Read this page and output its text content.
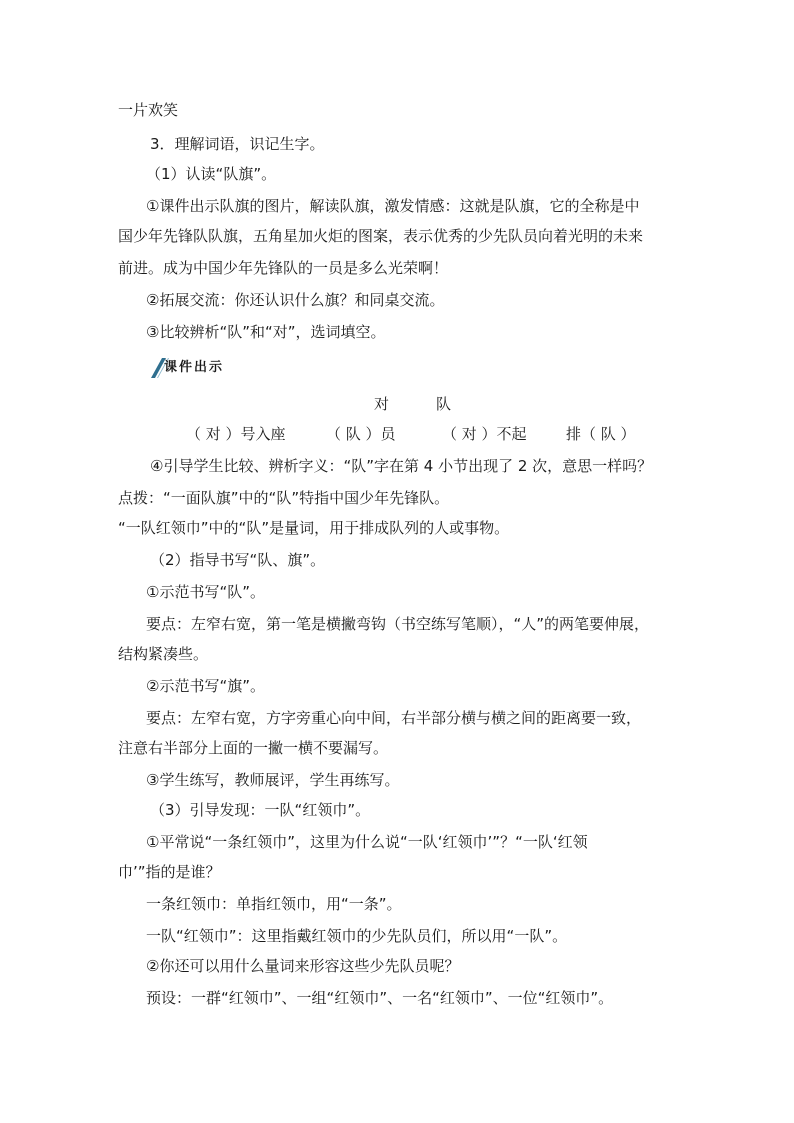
一片欢笑
3．理解词语，识记生字。
（1）认读“队旗”。
①课件出示队旗的图片，解读队旗，激发情感：这就是队旗，它的全称是中
国少年先锋队队旗，五角星加火炬的图案，表示优秀的少先队员向着光明的未来
前进。成为中国少年先锋队的一员是多么光荣啊！
②拓展交流：你还认识什么旗？和同桌交流。
③比较辨析“队”和“对”，选词填空。
课件出示
对	队
（ 对 ）号入座	（ 队 ）员	（ 对 ）不起	排（ 队 ）
④引导学生比较、辨析字义：“队”字在第 4 小节出现了 2 次，意思一样吗？
点拨：“一面队旗”中的“队”特指中国少年先锋队。
“一队红领巾”中的“队”是量词，用于排成队列的人或事物。
（2）指导书写“队、旗”。
①示范书写“队”。
要点：左窄右宽，第一笔是横撇弯钩（书空练写笔顺），“人”的两笔要伸展，
结构紧凑些。
②示范书写“旗”。
要点：左窄右宽，方字旁重心向中间，右半部分横与横之间的距离要一致，
注意右半部分上面的一撇一横不要漏写。
③学生练写，教师展评，学生再练写。
（3）引导发现：一队“红领巾”。
①平常说“一条红领巾”，这里为什么说“一队‘红领巾’”？“一队‘红领
巾’”指的是谁？
一条红领巾：单指红领巾，用“一条”。
一队“红领巾”：这里指戴红领巾的少先队员们，所以用“一队”。
②你还可以用什么量词来形容这些少先队员呢？
预设：一群“红领巾”、一组“红领巾”、一名“红领巾”、一位“红领巾”。
